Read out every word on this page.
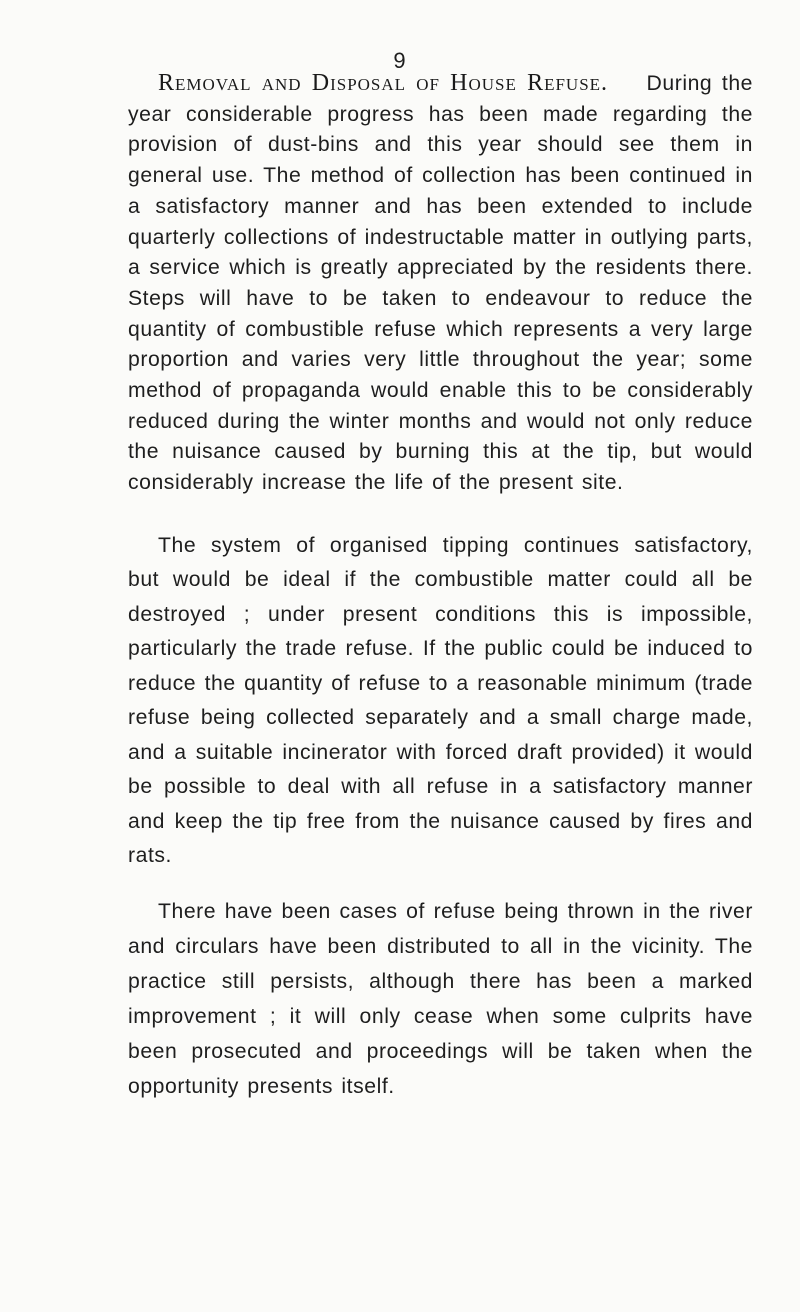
9

Removal and Disposal of House Refuse. During the year considerable progress has been made regarding the provision of dust-bins and this year should see them in general use. The method of collection has been continued in a satisfactory manner and has been extended to include quarterly collections of indestructable matter in outlying parts, a service which is greatly appreciated by the residents there. Steps will have to be taken to endeavour to reduce the quantity of combustible refuse which represents a very large proportion and varies very little throughout the year; some method of propaganda would enable this to be considerably reduced during the winter months and would not only reduce the nuisance caused by burning this at the tip, but would considerably increase the life of the present site.

The system of organised tipping continues satisfactory, but would be ideal if the combustible matter could all be destroyed ; under present conditions this is impossible, particularly the trade refuse. If the public could be induced to reduce the quantity of refuse to a reasonable minimum (trade refuse being collected separately and a small charge made, and a suitable incinerator with forced draft provided) it would be possible to deal with all refuse in a satisfactory manner and keep the tip free from the nuisance caused by fires and rats.

There have been cases of refuse being thrown in the river and circulars have been distributed to all in the vicinity. The practice still persists, although there has been a marked improvement ; it will only cease when some culprits have been prosecuted and proceedings will be taken when the opportunity presents itself.
